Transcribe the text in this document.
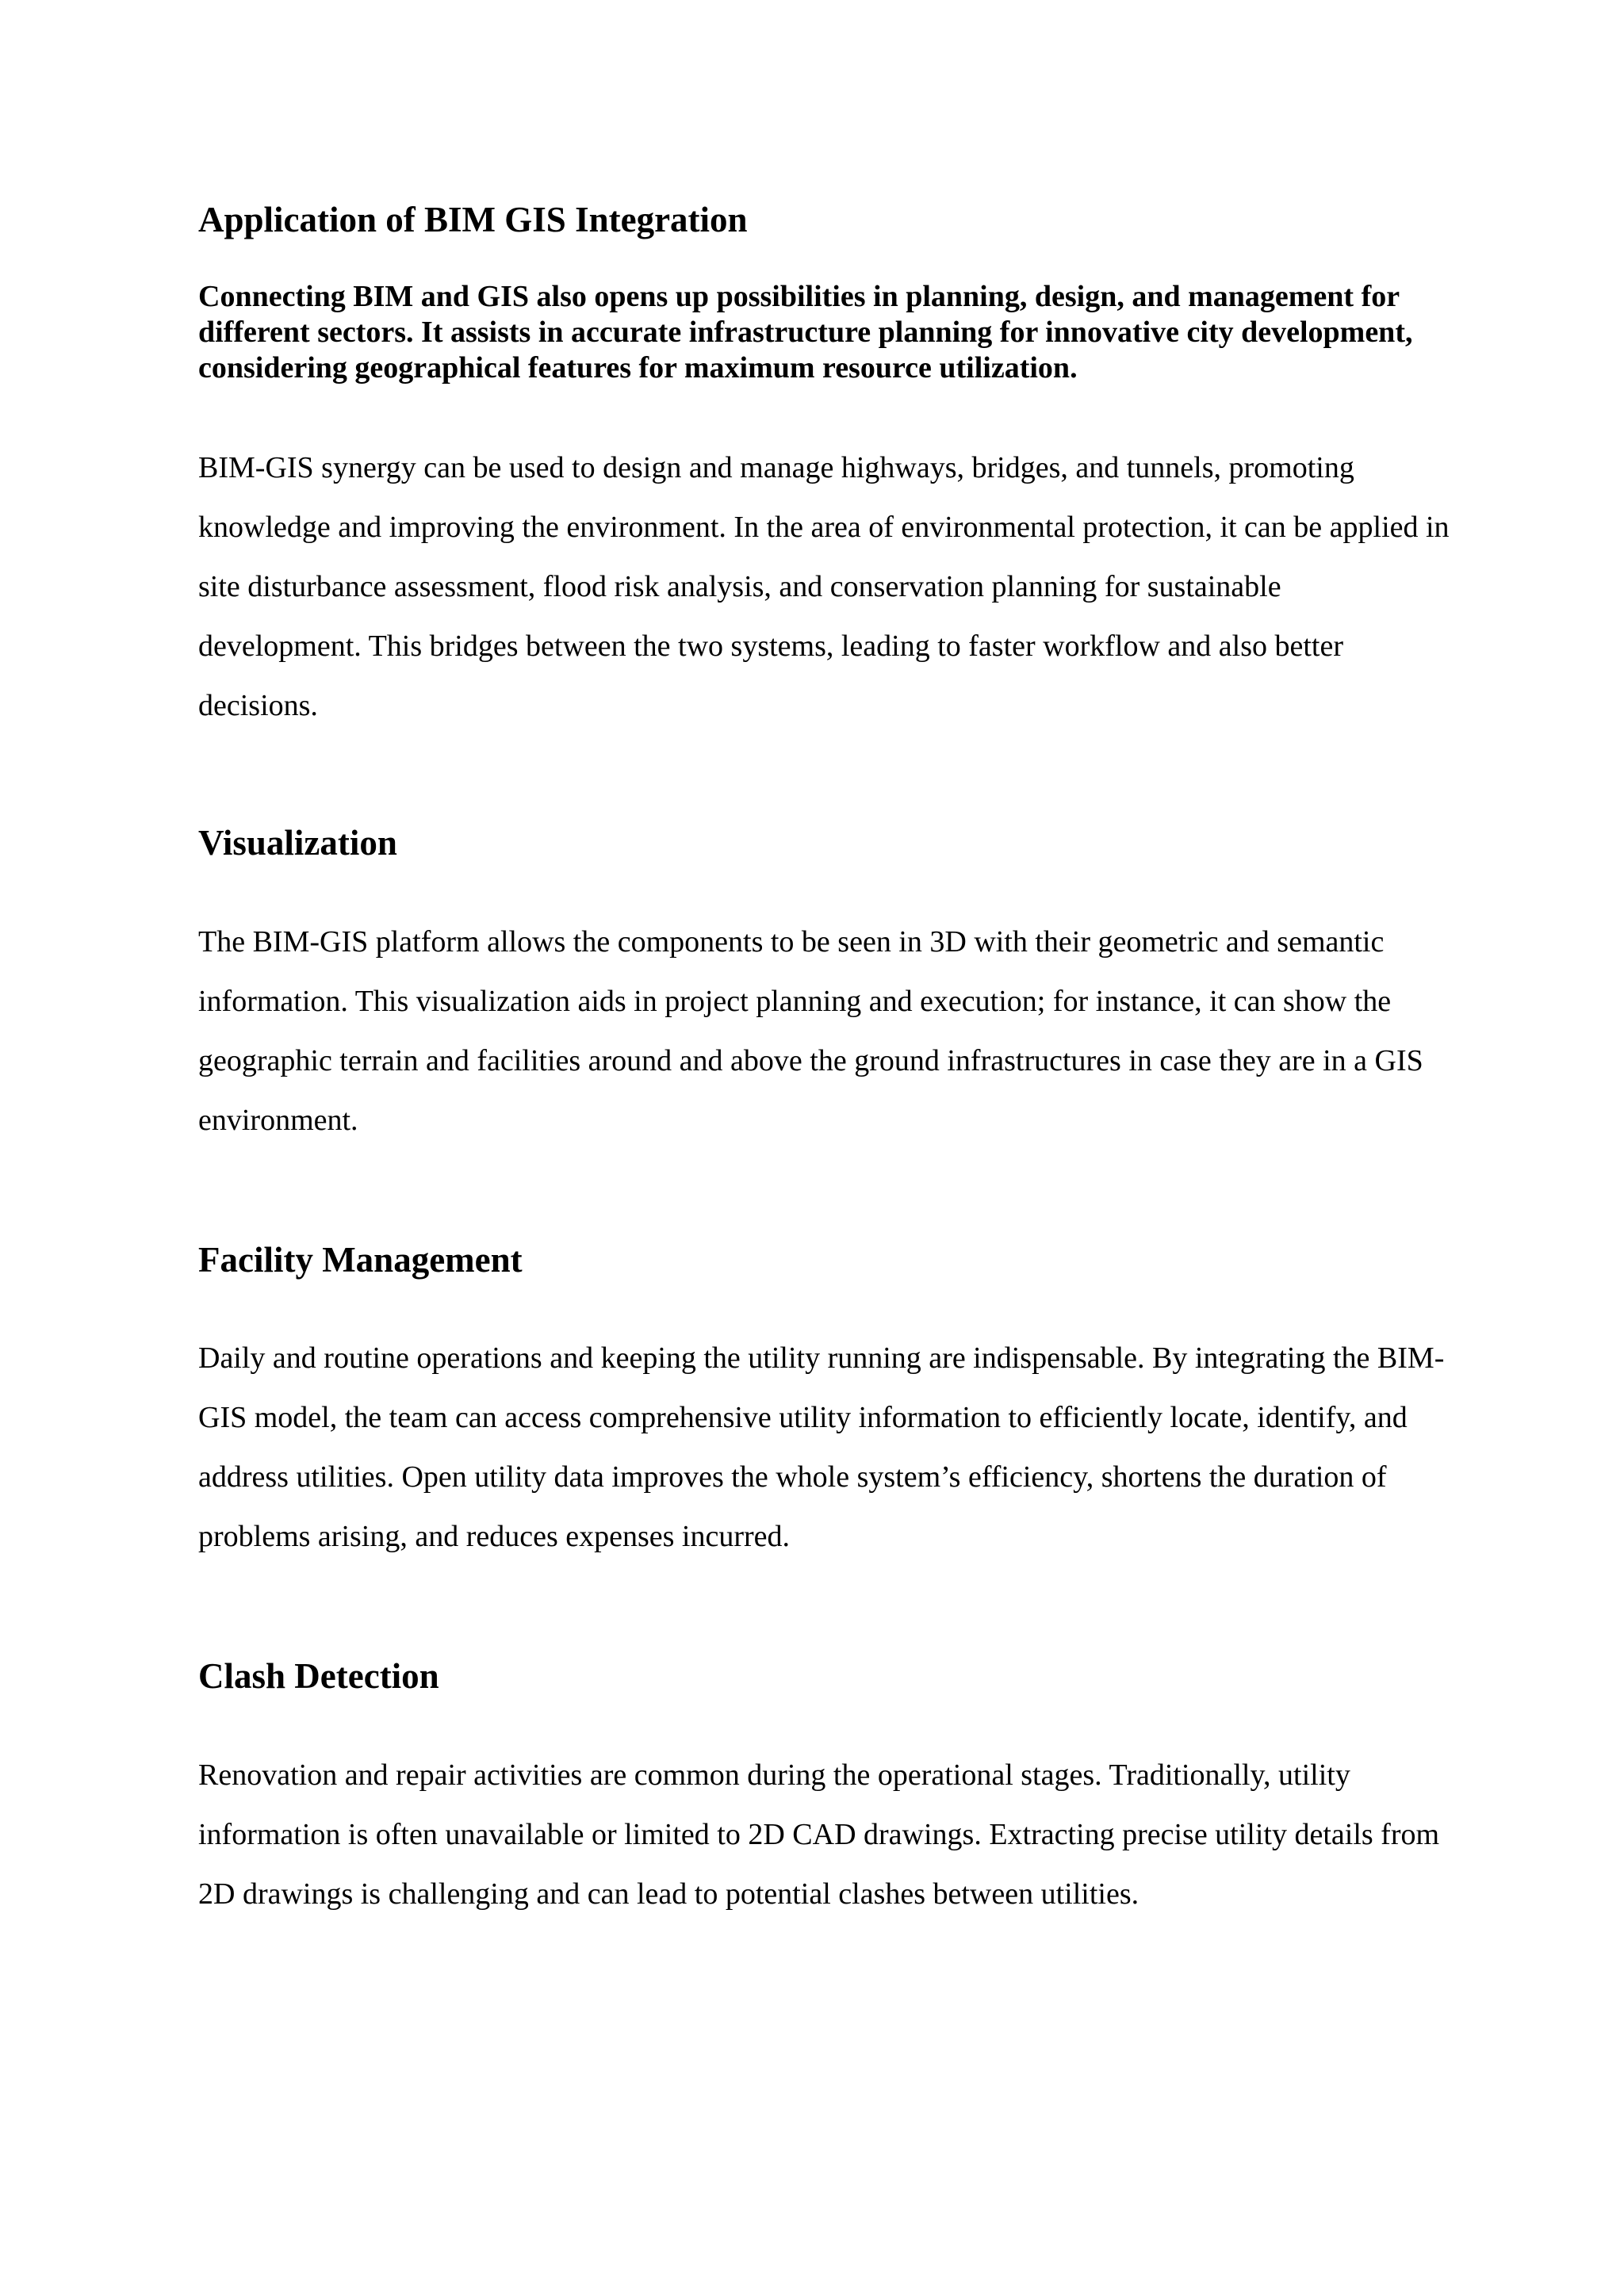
Application of BIM GIS Integration

Connecting BIM and GIS also opens up possibilities in planning, design, and management for different sectors. It assists in accurate infrastructure planning for innovative city development, considering geographical features for maximum resource utilization.

BIM-GIS synergy can be used to design and manage highways, bridges, and tunnels, promoting knowledge and improving the environment. In the area of environmental protection, it can be applied in site disturbance assessment, flood risk analysis, and conservation planning for sustainable development. This bridges between the two systems, leading to faster workflow and also better decisions.

Visualization

The BIM-GIS platform allows the components to be seen in 3D with their geometric and semantic information. This visualization aids in project planning and execution; for instance, it can show the geographic terrain and facilities around and above the ground infrastructures in case they are in a GIS environment.

Facility Management

Daily and routine operations and keeping the utility running are indispensable. By integrating the BIM-GIS model, the team can access comprehensive utility information to efficiently locate, identify, and address utilities. Open utility data improves the whole system’s efficiency, shortens the duration of problems arising, and reduces expenses incurred.

Clash Detection

Renovation and repair activities are common during the operational stages. Traditionally, utility information is often unavailable or limited to 2D CAD drawings. Extracting precise utility details from 2D drawings is challenging and can lead to potential clashes between utilities.
